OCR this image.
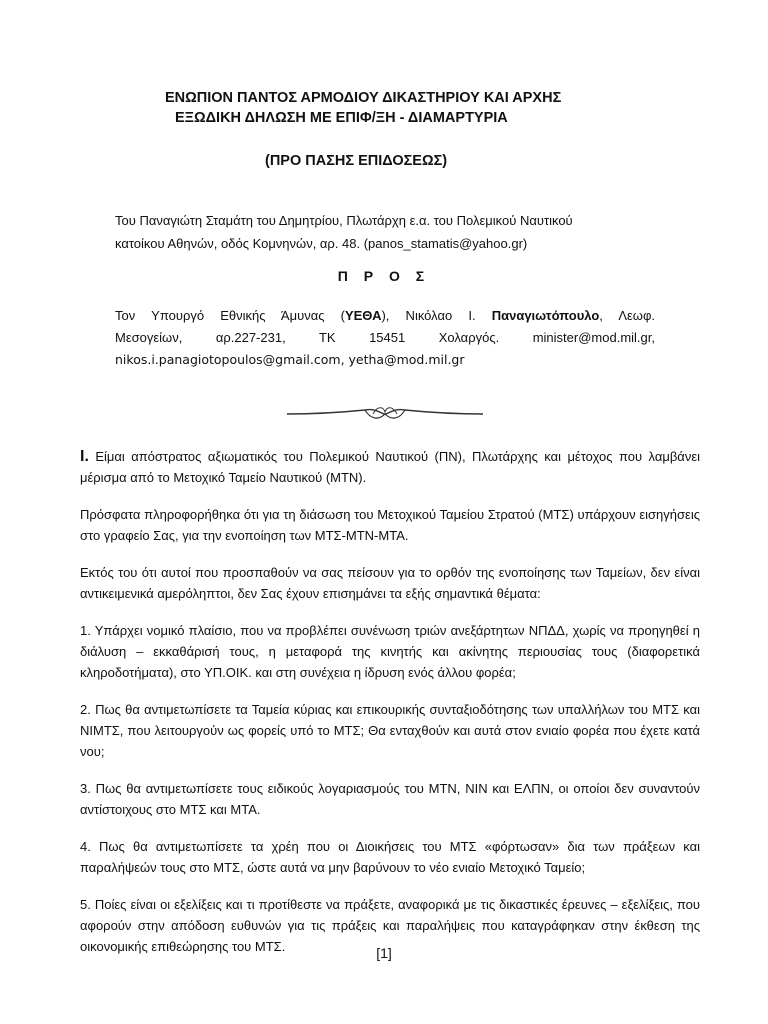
ΕΝΩΠΙΟΝ ΠΑΝΤΟΣ ΑΡΜΟΔΙΟΥ ΔΙΚΑΣΤΗΡΙΟΥ ΚΑΙ ΑΡΧΗΣ
ΕΞΩΔΙΚΗ ΔΗΛΩΣΗ ΜΕ ΕΠΙΦ/ΞΗ - ΔΙΑΜΑΡΤΥΡΙΑ
(ΠΡΟ ΠΑΣΗΣ ΕΠΙΔΟΣΕΩΣ)
Του Παναγιώτη Σταμάτη του Δημητρίου, Πλωτάρχη ε.α. του Πολεμικού Ναυτικού
κατοίκου Αθηνών, οδός Κομνηνών, αρ. 48. (panos_stamatis@yahoo.gr)
Π Ρ Ο Σ
Τον Υπουργό Εθνικής Άμυνας (ΥΕΘΑ), Νικόλαο Ι. Παναγιωτόπουλο, Λεωφ.
Μεσογείων, αρ.227-231, ΤΚ 15451 Χολαργός. minister@mod.mil.gr,
nikos.i.panagiotopoulos@gmail.com, yetha@mod.mil.gr

Ι. Είμαι απόστρατος αξιωματικός του Πολεμικού Ναυτικού (ΠΝ), Πλωτάρχης και μέτοχος που λαμβάνει μέρισμα από το Μετοχικό Ταμείο Ναυτικού (ΜΤΝ).

Πρόσφατα πληροφορήθηκα ότι για τη διάσωση του Μετοχικού Ταμείου Στρατού (ΜΤΣ) υπάρχουν εισηγήσεις στο γραφείο Σας, για την ενοποίηση των ΜΤΣ-ΜΤΝ-ΜΤΑ.

Εκτός του ότι αυτοί που προσπαθούν να σας πείσουν για το ορθόν της ενοποίησης των Ταμείων, δεν είναι αντικειμενικά αμερόληπτοι, δεν Σας έχουν επισημάνει τα εξής σημαντικά θέματα:

1. Υπάρχει νομικό πλαίσιο, που να προβλέπει συνένωση τριών ανεξάρτητων ΝΠΔΔ, χωρίς να προηγηθεί η διάλυση – εκκαθάρισή τους, η μεταφορά της κινητής και ακίνητης περιουσίας τους (διαφορετικά κληροδοτήματα), στο ΥΠ.ΟΙΚ. και στη συνέχεια η ίδρυση ενός άλλου φορέα;

2. Πως θα αντιμετωπίσετε τα Ταμεία κύριας και επικουρικής συνταξιοδότησης των υπαλλήλων του ΜΤΣ και ΝΙΜΤΣ, που λειτουργούν ως φορείς υπό το ΜΤΣ; Θα ενταχθούν και αυτά στον ενιαίο φορέα που έχετε κατά νου;

3. Πως θα αντιμετωπίσετε τους ειδικούς λογαριασμούς του ΜΤΝ, ΝΙΝ και ΕΛΠΝ, οι οποίοι δεν συναντούν αντίστοιχους στο ΜΤΣ και ΜΤΑ.

4. Πως θα αντιμετωπίσετε τα χρέη που οι Διοικήσεις του ΜΤΣ «φόρτωσαν» δια των πράξεων και παραλήψεών τους στο ΜΤΣ, ώστε αυτά να μην βαρύνουν το νέο ενιαίο Μετοχικό Ταμείο;

5. Ποίες είναι οι εξελίξεις και τι προτίθεστε να πράξετε, αναφορικά με τις δικαστικές έρευνες – εξελίξεις, που αφορούν στην απόδοση ευθυνών για τις πράξεις και παραλήψεις που καταγράφηκαν στην έκθεση της οικονομικής επιθεώρησης του ΜΤΣ.	[1]
